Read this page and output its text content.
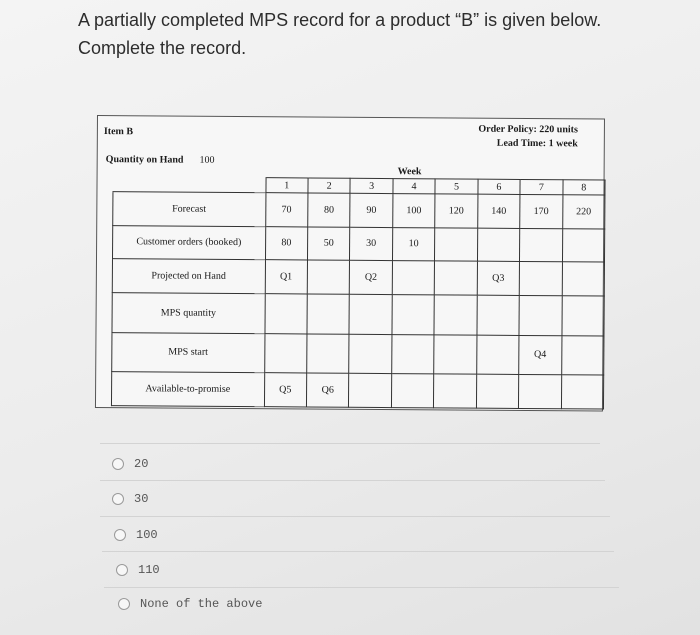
A partially completed MPS record for a product “B” is given below.
Complete the record.
Item B
Quantity on Hand 100
Order Policy: 220 units
Lead Time: 1 week
Week
	1	2	3	4	5	6	7	8
Forecast	70	80	90	100	120	140	170	220
Customer orders (booked)	80	50	30	10				
Projected on Hand	Q1		Q2			Q3		
MPS quantity								
MPS start							Q4	
Available-to-promise	Q5	Q6						
20
30
100
110
None of the above
